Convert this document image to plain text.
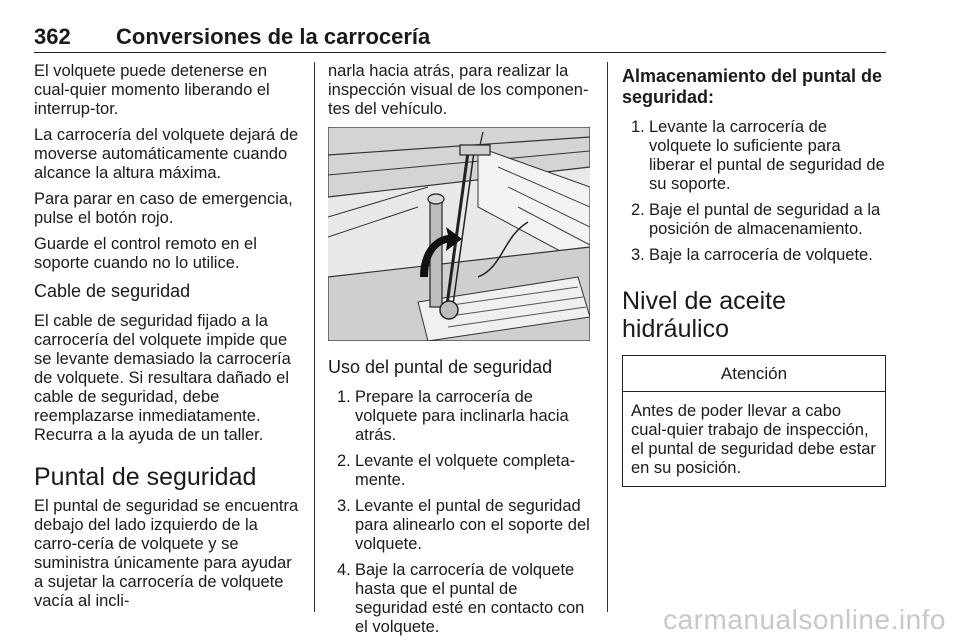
362 Conversiones de la carrocería

El volquete puede detenerse en cual-quier momento liberando el interrup-tor.

La carrocería del volquete dejará de moverse automáticamente cuando alcance la altura máxima.

Para parar en caso de emergencia, pulse el botón rojo.

Guarde el control remoto en el soporte cuando no lo utilice.

Cable de seguridad

El cable de seguridad fijado a la carrocería del volquete impide que se levante demasiado la carrocería de volquete. Si resultara dañado el cable de seguridad, debe reemplazarse inmediatamente. Recurra a la ayuda de un taller.

Puntal de seguridad

El puntal de seguridad se encuentra debajo del lado izquierdo de la carro-cería de volquete y se suministra únicamente para ayudar a sujetar la carrocería de volquete vacía al incli-

narla hacia atrás, para realizar la inspección visual de los componen-tes del vehículo.

Uso del puntal de seguridad
1. Prepare la carrocería de volquete para inclinarla hacia atrás.
2. Levante el volquete completa-mente.
3. Levante el puntal de seguridad para alinearlo con el soporte del volquete.
4. Baje la carrocería de volquete hasta que el puntal de seguridad esté en contacto con el volquete.
Almacenamiento del puntal de seguridad:
1. Levante la carrocería de volquete lo suficiente para liberar el puntal de seguridad de su soporte.
2. Baje el puntal de seguridad a la posición de almacenamiento.
3. Baje la carrocería de volquete.
Nivel de aceite hidráulico
Atención
Antes de poder llevar a cabo cual-quier trabajo de inspección, el puntal de seguridad debe estar en su posición.
carmanualsonline.info
